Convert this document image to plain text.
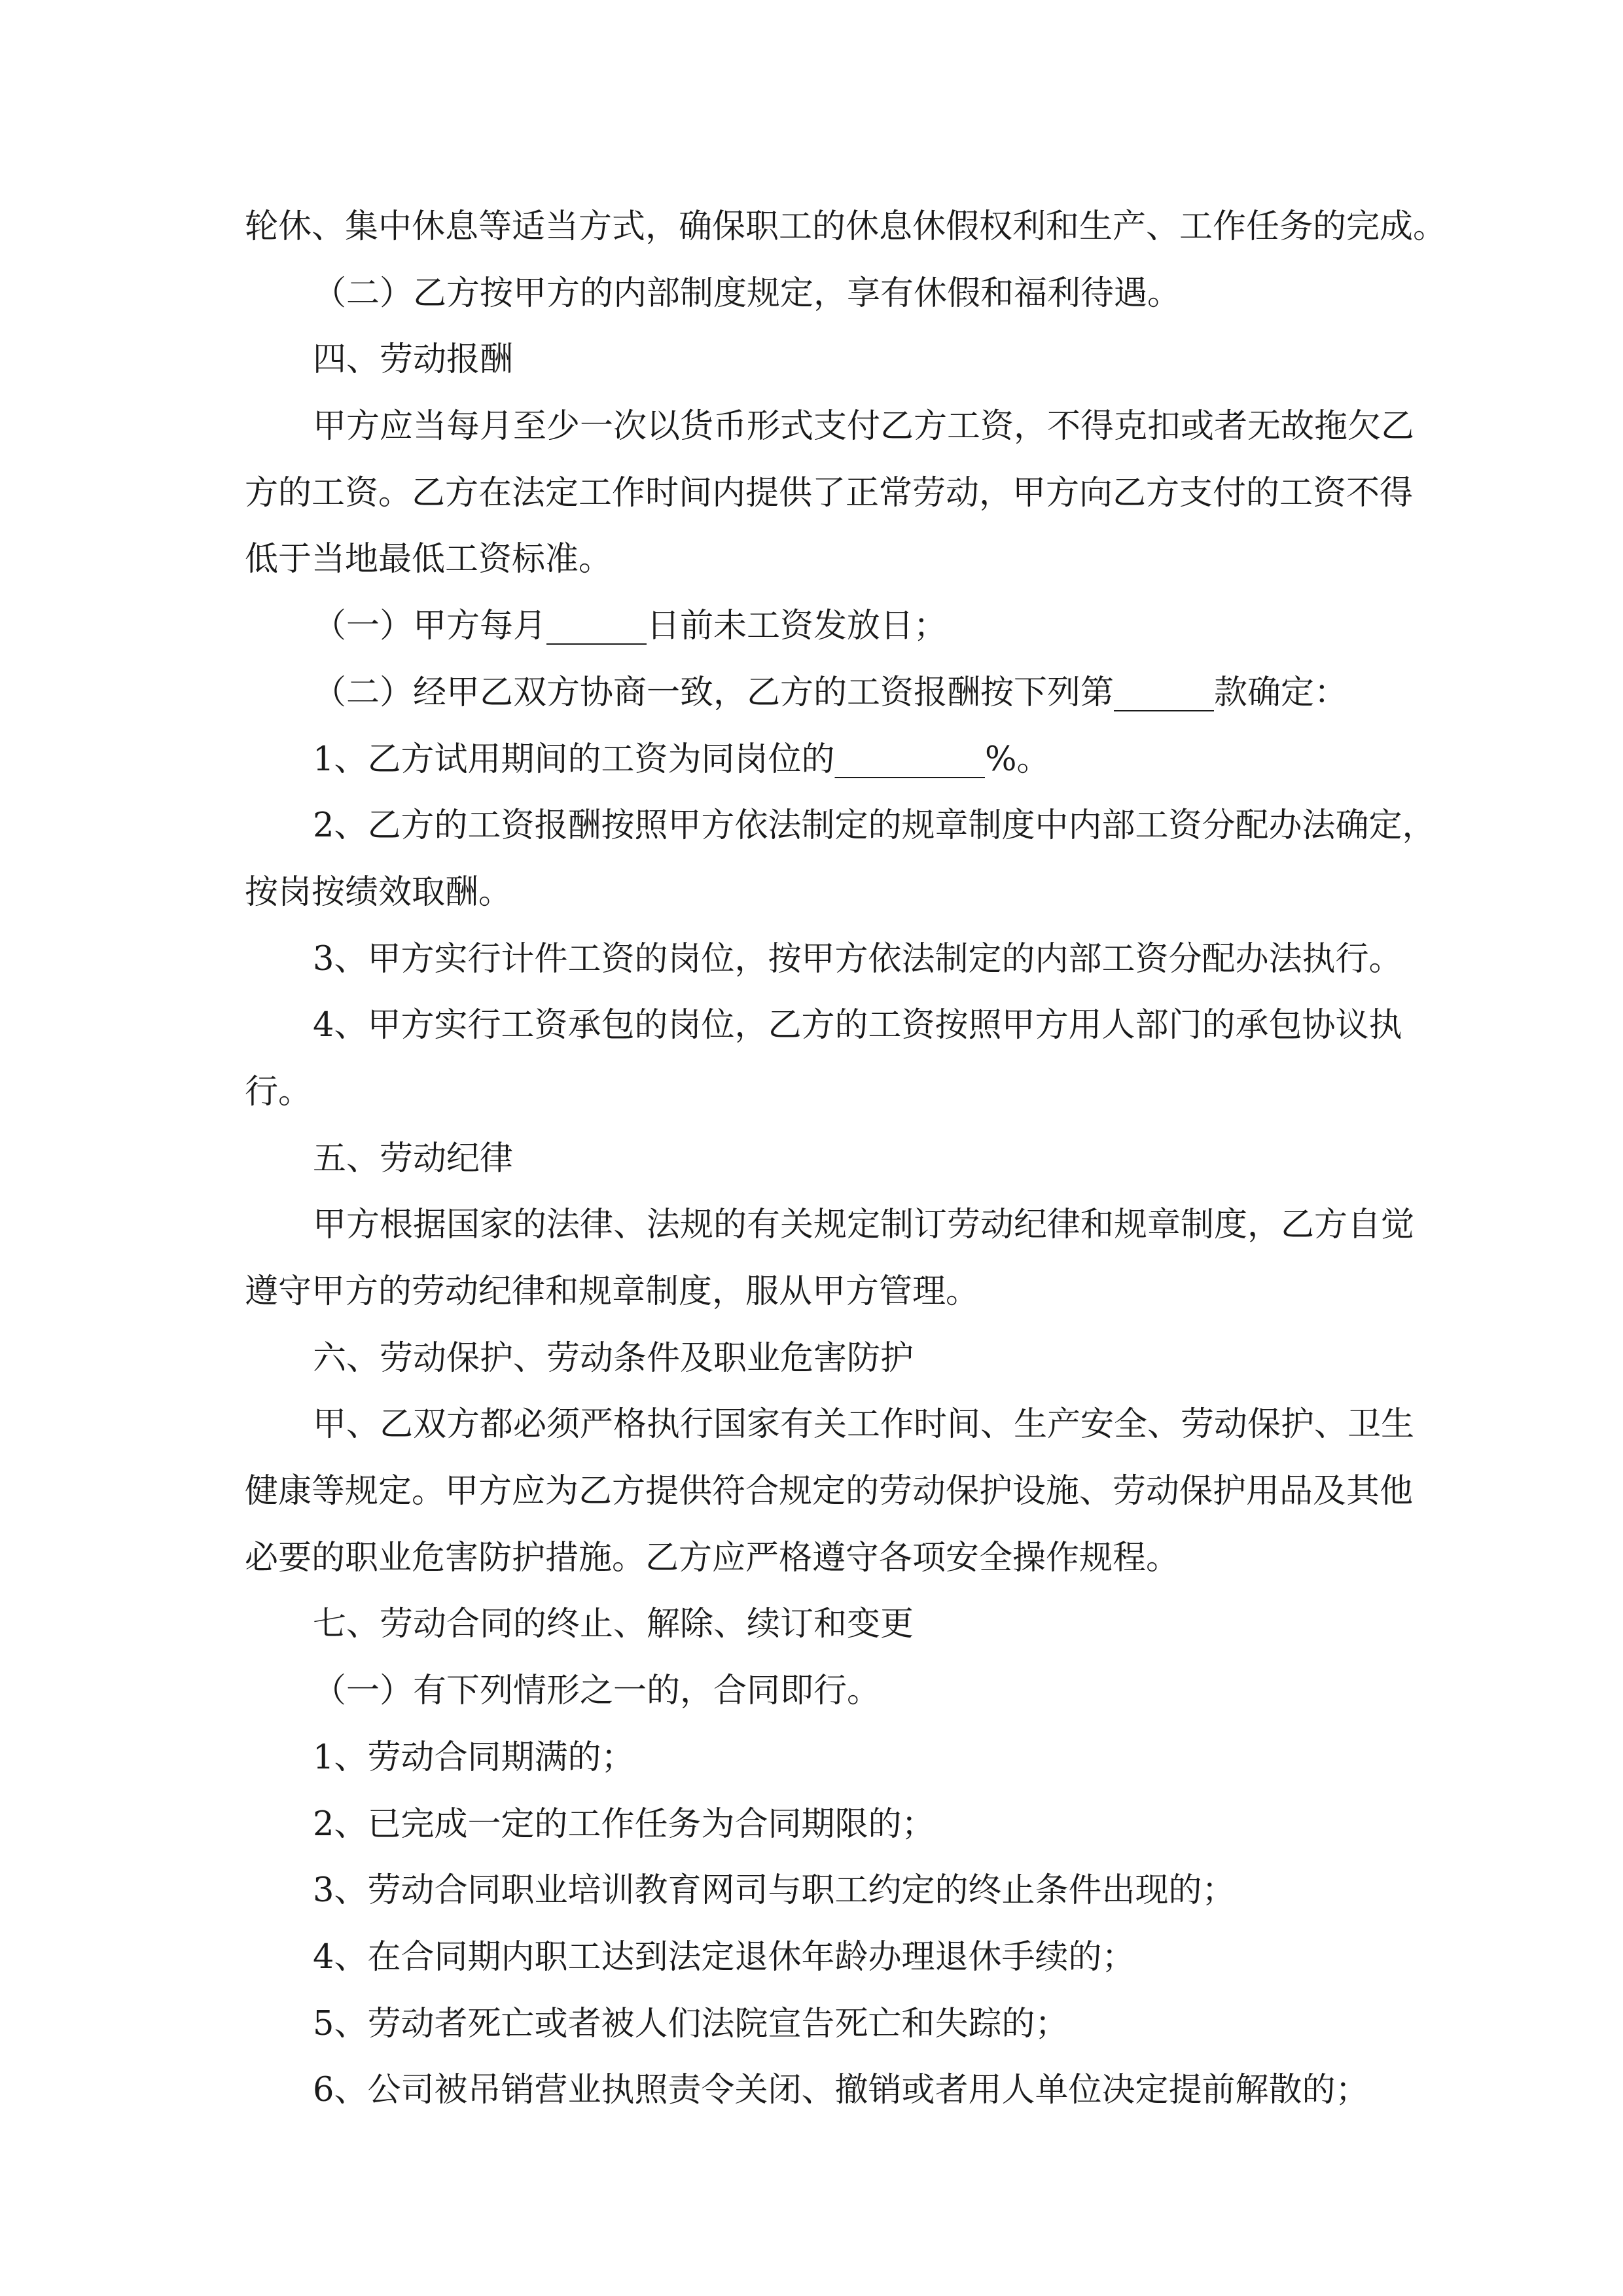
轮休、集中休息等适当方式，确保职工的休息休假权利和生产、工作任务的完成。
（二）乙方按甲方的内部制度规定，享有休假和福利待遇。
四、劳动报酬
甲方应当每月至少一次以货币形式支付乙方工资，不得克扣或者无故拖欠乙
方的工资。乙方在法定工作时间内提供了正常劳动，甲方向乙方支付的工资不得
低于当地最低工资标准。
（一）甲方每月______日前未工资发放日；
（二）经甲乙双方协商一致，乙方的工资报酬按下列第______款确定：
1、乙方试用期间的工资为同岗位的_________%。
2、乙方的工资报酬按照甲方依法制定的规章制度中内部工资分配办法确定，
按岗按绩效取酬。
3、甲方实行计件工资的岗位，按甲方依法制定的内部工资分配办法执行。
4、甲方实行工资承包的岗位，乙方的工资按照甲方用人部门的承包协议执
行。
五、劳动纪律
甲方根据国家的法律、法规的有关规定制订劳动纪律和规章制度，乙方自觉
遵守甲方的劳动纪律和规章制度，服从甲方管理。
六、劳动保护、劳动条件及职业危害防护
甲、乙双方都必须严格执行国家有关工作时间、生产安全、劳动保护、卫生
健康等规定。甲方应为乙方提供符合规定的劳动保护设施、劳动保护用品及其他
必要的职业危害防护措施。乙方应严格遵守各项安全操作规程。
七、劳动合同的终止、解除、续订和变更
（一）有下列情形之一的，合同即行。
1、劳动合同期满的；
2、已完成一定的工作任务为合同期限的；
3、劳动合同职业培训教育网司与职工约定的终止条件出现的；
4、在合同期内职工达到法定退休年龄办理退休手续的；
5、劳动者死亡或者被人们法院宣告死亡和失踪的；
6、公司被吊销营业执照责令关闭、撤销或者用人单位决定提前解散的；
